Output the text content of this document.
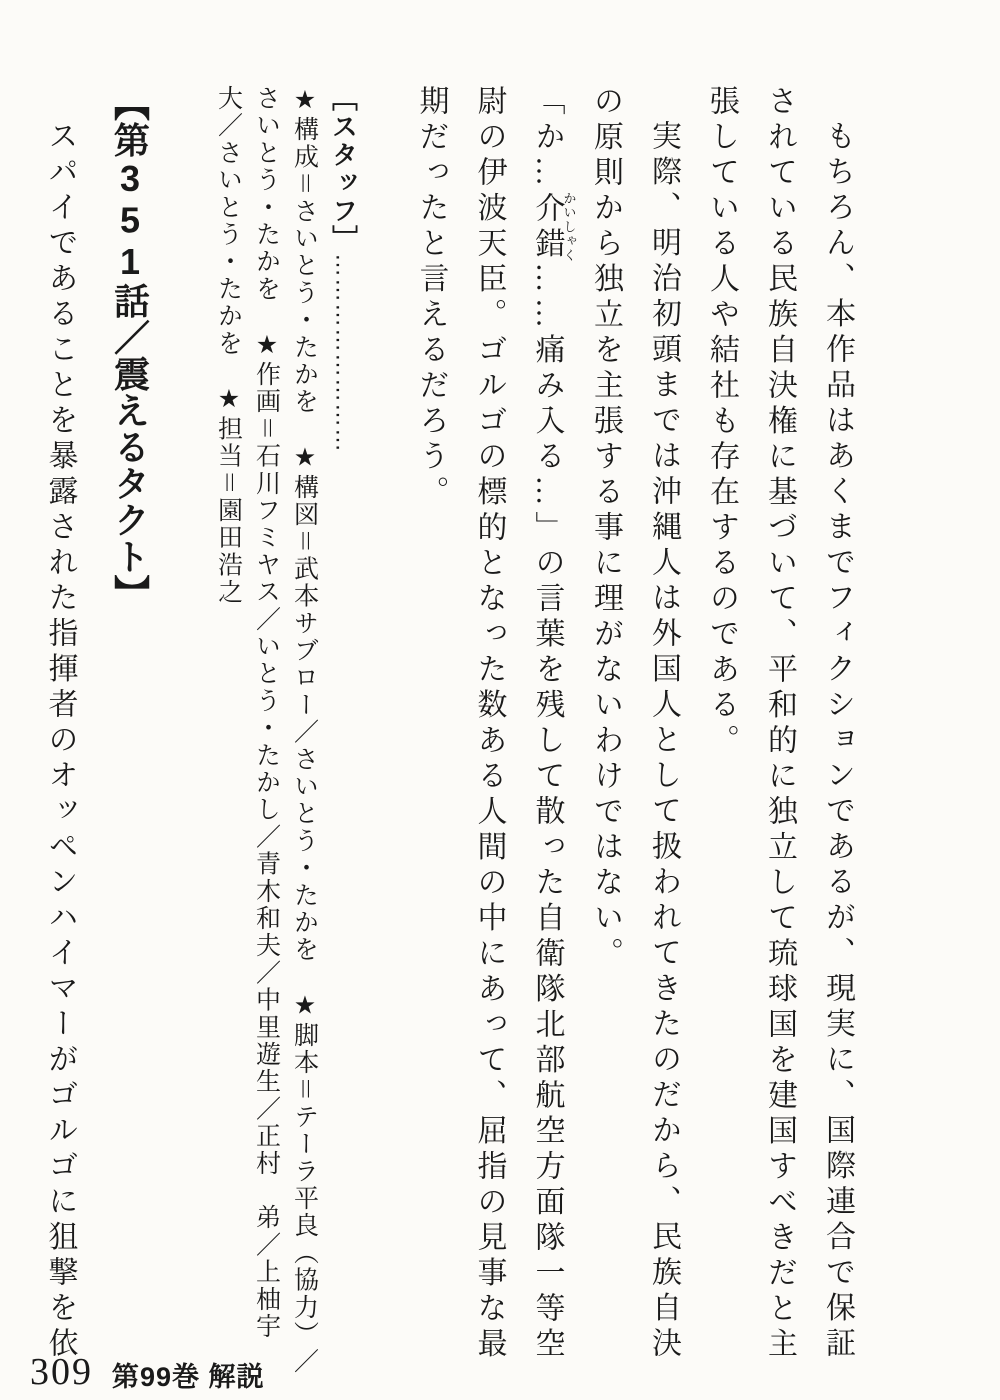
もちろん、本作品はあくまでフィクションであるが、現実に、国際連合で保証
されている民族自決権に基づいて、平和的に独立して琉球国を建国すべきだと主
張している人や結社も存在するのである。
実際、明治初頭までは沖縄人は外国人として扱われてきたのだから、民族自決
の原則から独立を主張する事に理がないわけではない。
「か…介錯かいしゃく……痛み入る…」の言葉を残して散った自衛隊北部航空方面隊一等空
尉の伊波天臣。ゴルゴの標的となった数ある人間の中にあって、屈指の見事な最
期だったと言えるだろう。
［スタッフ］……………………
★構成＝さいとう・たかを　★構図＝武本サブロー／さいとう・たかを　★脚本＝テーラ平良（協力）／
さいとう・たかを　★作画＝石川フミヤス／いとう・たかし／青木和夫／中里遊生／正村　弟／上柚宇
大／さいとう・たかを　★担当＝園田浩之
【第351話／震えるタクト】
スパイであることを暴露された指揮者のオッペンハイマーがゴルゴに狙撃を依
309 第99巻 解説
